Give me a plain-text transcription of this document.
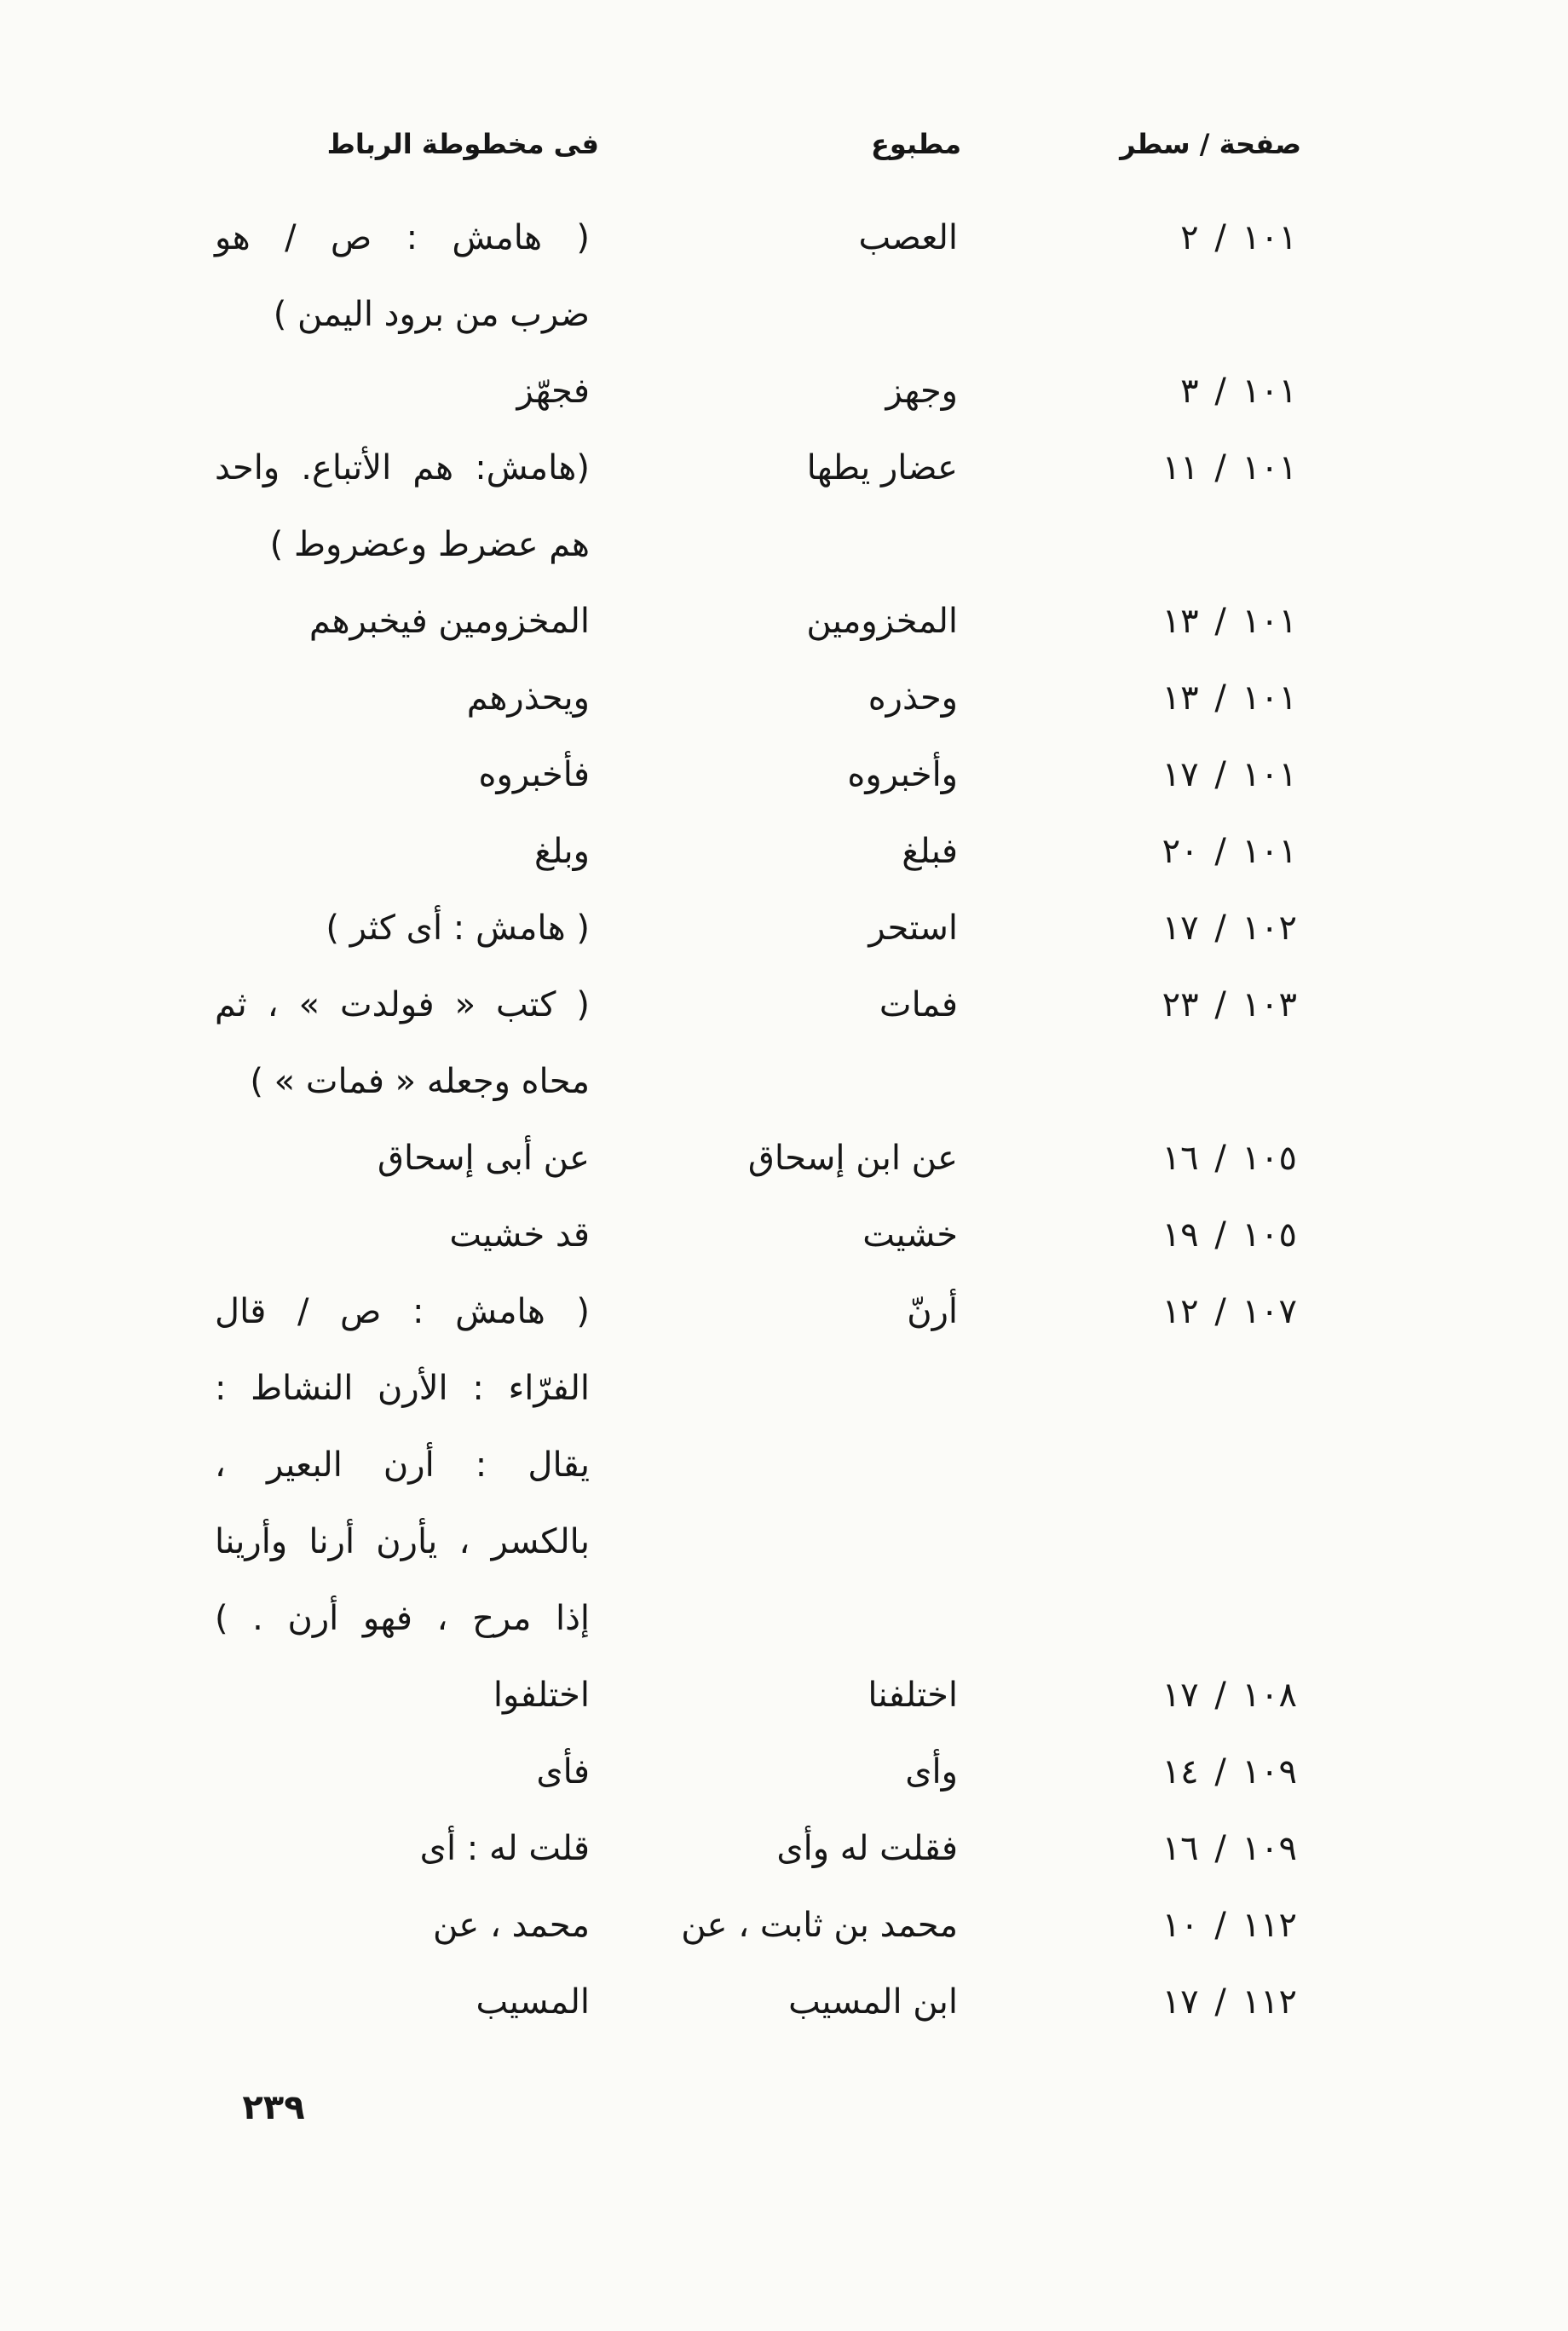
صفحة / سطر
مطبوع
فى مخطوطة الرباط
١٠١ / ٢
العصب
( هامش : ص / هو
ضرب من برود اليمن )
١٠١ / ٣
وجهز
فجهّز
١٠١ / ١١
عضار يطها
(هامش: هم الأتباع. واحد
هم عضرط وعضروط )
١٠١ / ١٣
المخزومين
المخزومين فيخبرهم
١٠١ / ١٣
وحذره
ويحذرهم
١٠١ / ١٧
وأخبروه
فأخبروه
١٠١ / ٢٠
فبلغ
وبلغ
١٠٢ / ١٧
استحر
( هامش : أى كثر )
١٠٣ / ٢٣
فمات
( كتب « فولدت » ، ثم
محاه وجعله « فمات » )
١٠٥ / ١٦
عن ابن إسحاق
عن أبى إسحاق
١٠٥ / ١٩
خشيت
قد خشيت
١٠٧ / ١٢
أرنّ
( هامش : ص / قال
الفرّاء : الأرن النشاط :
يقال : أرن البعير ،
بالكسر ، يأرن أرنا وأرينا
إذا مرح ، فهو أرن . )
١٠٨ / ١٧
اختلفنا
اختلفوا
١٠٩ / ١٤
وأى
فأى
١٠٩ / ١٦
فقلت له وأى
قلت له : أى
١١٢ / ١٠
محمد بن ثابت ، عن
محمد ، عن
١١٢ / ١٧
ابن المسيب
المسيب
٢٣٩
